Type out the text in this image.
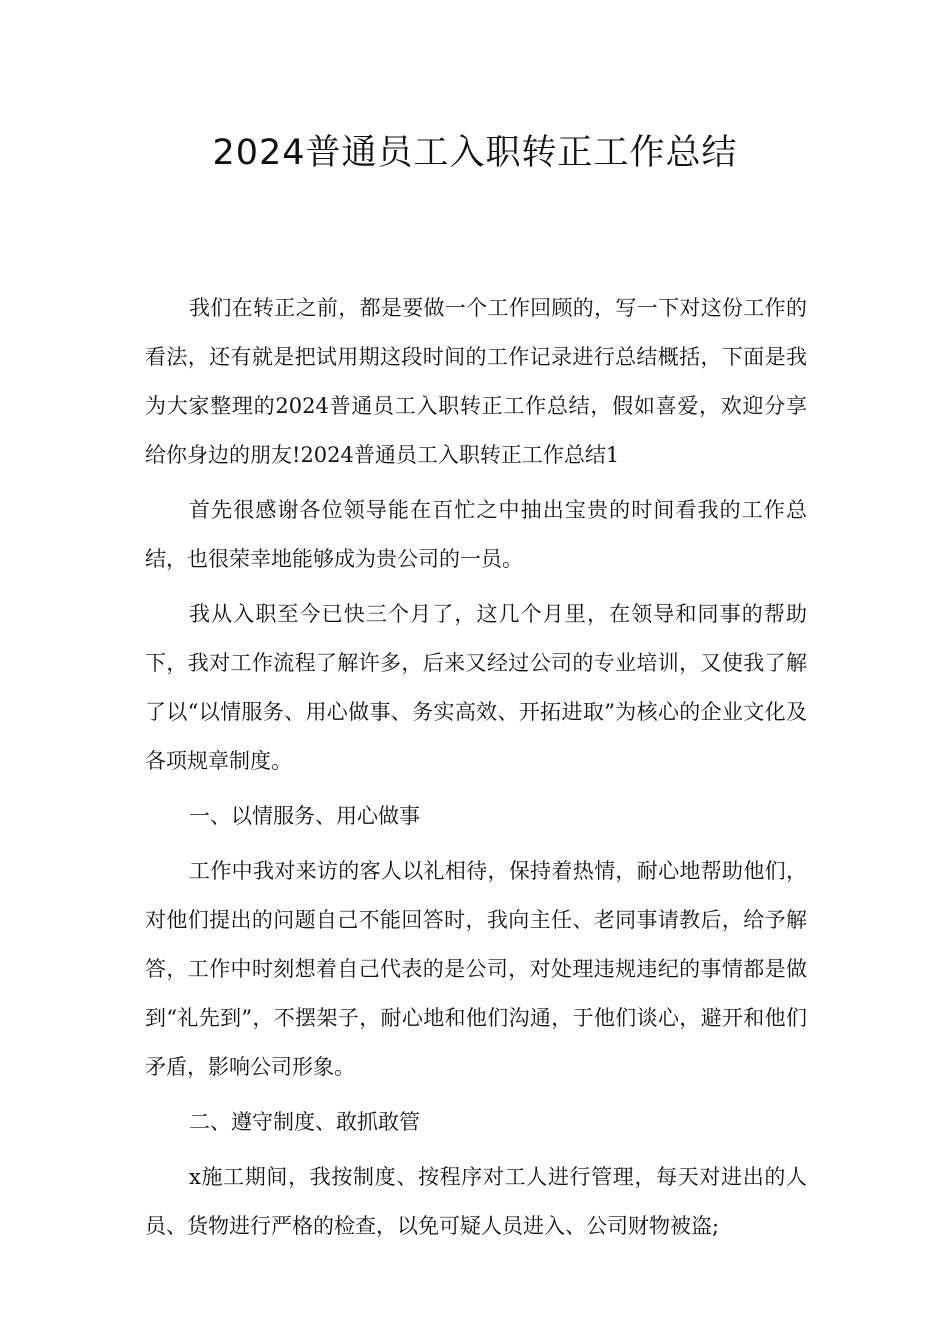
2024普通员工入职转正工作总结

我们在转正之前，都是要做一个工作回顾的，写一下对这份工作的看法，还有就是把试用期这段时间的工作记录进行总结概括，下面是我为大家整理的2024普通员工入职转正工作总结，假如喜爱，欢迎分享给你身边的朋友!2024普通员工入职转正工作总结1

首先很感谢各位领导能在百忙之中抽出宝贵的时间看我的工作总结，也很荣幸地能够成为贵公司的一员。

我从入职至今已快三个月了，这几个月里，在领导和同事的帮助下，我对工作流程了解许多，后来又经过公司的专业培训，又使我了解了以“以情服务、用心做事、务实高效、开拓进取”为核心的企业文化及各项规章制度。

一、以情服务、用心做事

工作中我对来访的客人以礼相待，保持着热情，耐心地帮助他们，对他们提出的问题自己不能回答时，我向主任、老同事请教后，给予解答，工作中时刻想着自己代表的是公司，对处理违规违纪的事情都是做到“礼先到”，不摆架子，耐心地和他们沟通，于他们谈心，避开和他们矛盾，影响公司形象。

二、遵守制度、敢抓敢管

x施工期间，我按制度、按程序对工人进行管理，每天对进出的人员、货物进行严格的检查，以免可疑人员进入、公司财物被盗;
